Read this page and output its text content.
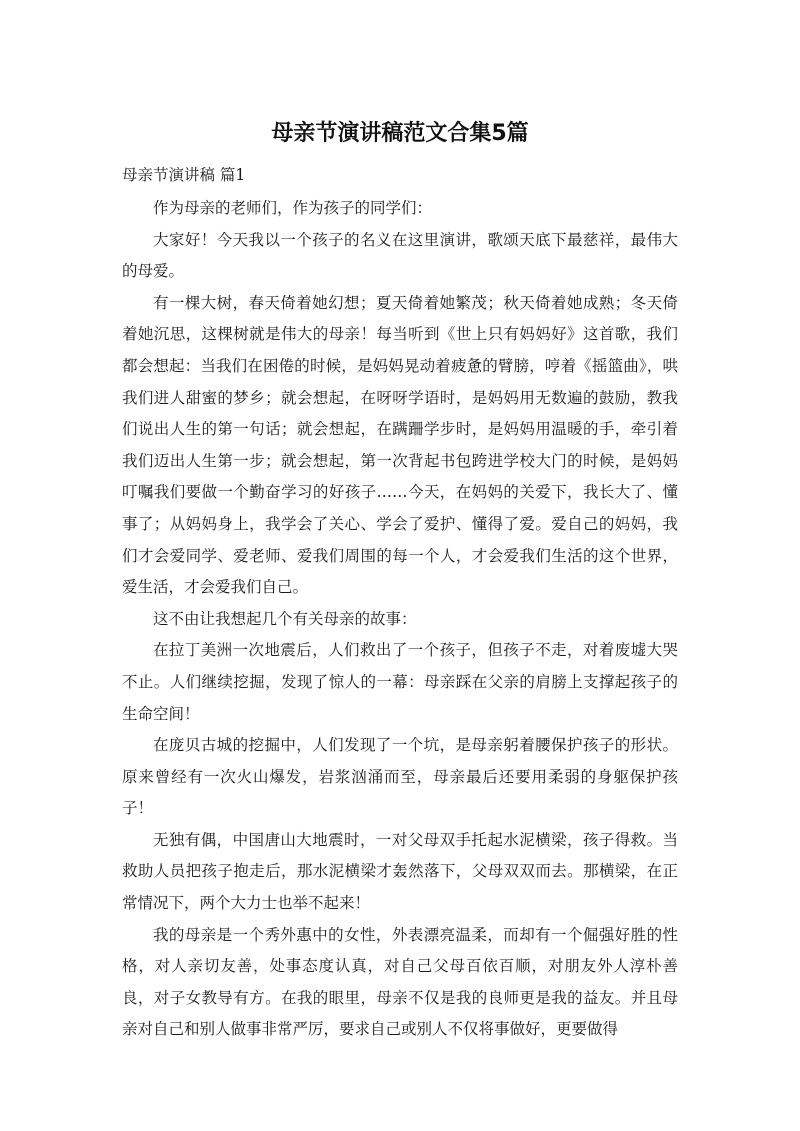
母亲节演讲稿范文合集5篇
母亲节演讲稿 篇1

作为母亲的老师们，作为孩子的同学们：

大家好！今天我以一个孩子的名义在这里演讲，歌颂天底下最慈祥，最伟大的母爱。

有一棵大树，春天倚着她幻想；夏天倚着她繁茂；秋天倚着她成熟；冬天倚着她沉思，这棵树就是伟大的母亲！每当听到《世上只有妈妈好》这首歌，我们都会想起：当我们在困倦的时候，是妈妈晃动着疲惫的臂膀，哼着《摇篮曲》，哄我们进人甜蜜的梦乡；就会想起，在呀呀学语时，是妈妈用无数遍的鼓励，教我们说出人生的第一句话；就会想起，在蹒跚学步时，是妈妈用温暖的手，牵引着我们迈出人生第一步；就会想起，第一次背起书包跨进学校大门的时候，是妈妈叮嘱我们要做一个勤奋学习的好孩子……今天，在妈妈的关爱下，我长大了、懂事了；从妈妈身上，我学会了关心、学会了爱护、懂得了爱。爱自己的妈妈，我们才会爱同学、爱老师、爱我们周围的每一个人，才会爱我们生活的这个世界，爱生活，才会爱我们自己。

这不由让我想起几个有关母亲的故事：

在拉丁美洲一次地震后，人们救出了一个孩子，但孩子不走，对着废墟大哭不止。人们继续挖掘，发现了惊人的一幕：母亲踩在父亲的肩膀上支撑起孩子的生命空间！

在庞贝古城的挖掘中，人们发现了一个坑，是母亲躬着腰保护孩子的形状。原来曾经有一次火山爆发，岩浆汹涌而至，母亲最后还要用柔弱的身躯保护孩子！

无独有偶，中国唐山大地震时，一对父母双手托起水泥横梁，孩子得救。当救助人员把孩子抱走后，那水泥横梁才轰然落下，父母双双而去。那横梁，在正常情况下，两个大力士也举不起来！

我的母亲是一个秀外惠中的女性，外表漂亮温柔，而却有一个倔强好胜的性格，对人亲切友善，处事态度认真，对自己父母百依百顺，对朋友外人淳朴善良，对子女教导有方。在我的眼里，母亲不仅是我的良师更是我的益友。并且母亲对自己和别人做事非常严厉，要求自己或别人不仅将事做好，更要做得
